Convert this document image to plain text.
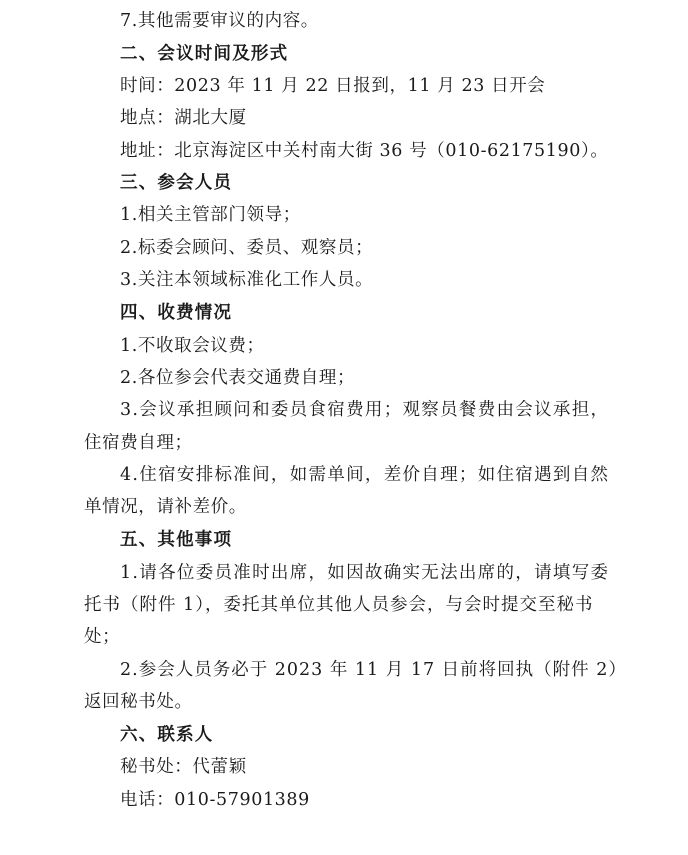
7.其他需要审议的内容。
二、会议时间及形式
时间：2023 年 11 月 22 日报到，11 月 23 日开会
地点：湖北大厦
地址：北京海淀区中关村南大街 36 号（010-62175190）。
三、参会人员
1.相关主管部门领导；
2.标委会顾问、委员、观察员；
3.关注本领域标准化工作人员。
四、收费情况
1.不收取会议费；
2.各位参会代表交通费自理；
3.会议承担顾问和委员食宿费用；观察员餐费由会议承担，
住宿费自理；
4.住宿安排标准间，如需单间，差价自理；如住宿遇到自然
单情况，请补差价。
五、其他事项
1.请各位委员准时出席，如因故确实无法出席的，请填写委
托书（附件 1），委托其单位其他人员参会，与会时提交至秘书
处；
2.参会人员务必于 2023 年 11 月 17 日前将回执（附件 2）
返回秘书处。
六、联系人
秘书处：代蕾颖
电话：010-57901389
